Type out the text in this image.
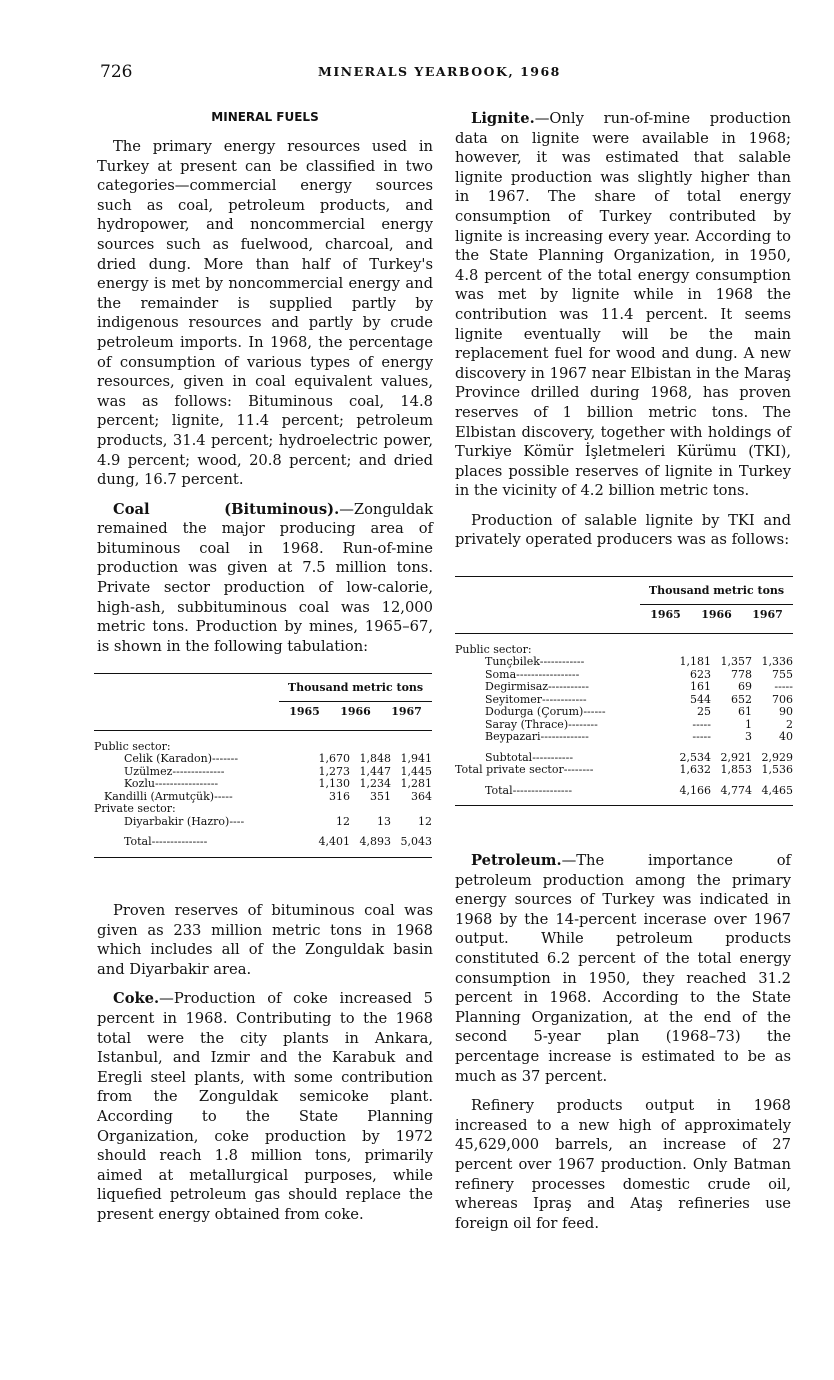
726	MINERALS YEARBOOK, 1968
MINERAL FUELS

The primary energy resources used in Turkey at present can be classified in two categories—commercial energy sources such as coal, petroleum products, and hydropower, and noncommercial energy sources such as fuelwood, charcoal, and dried dung. More than half of Turkey's energy is met by noncommercial energy and the remainder is supplied partly by indigenous resources and partly by crude petroleum imports. In 1968, the percentage of consumption of various types of energy resources, given in coal equivalent values, was as follows: Bituminous coal, 14.8 percent; lignite, 11.4 percent; petroleum products, 31.4 percent; hydroelectric power, 4.9 percent; wood, 20.8 percent; and dried dung, 16.7 percent.

Coal (Bituminous).—Zonguldak remained the major producing area of bituminous coal in 1968. Run-of-mine production was given at 7.5 million tons. Private sector production of low-calorie, high-ash, subbituminous coal was 12,000 metric tons. Production by mines, 1965–67, is shown in the following tabulation:

	Thousand metric tons		

	1965	1966	1967
Public sector:			
Celik (Karadon)-------	1,670	1,848	1,941
Uzülmez--------------	1,273	1,447	1,445
Kozlu-----------------	1,130	1,234	1,281
Kandilli (Armutçük)-----	316	351	364
Private sector:			
Diyarbakir (Hazro)----	12	13	12
Total---------------	4,401	4,893	5,043

Proven reserves of bituminous coal was given as 233 million metric tons in 1968 which includes all of the Zonguldak basin and Diyarbakir area.

Coke.—Production of coke increased 5 percent in 1968. Contributing to the 1968 total were the city plants in Ankara, Istanbul, and Izmir and the Karabuk and Eregli steel plants, with some contribution from the Zonguldak semicoke plant. According to the State Planning Organization, coke production by 1972 should reach 1.8 million tons, primarily aimed at metallurgical purposes, while liquefied petroleum gas should replace the present energy obtained from coke.

Lignite.—Only run-of-mine production data on lignite were available in 1968; however, it was estimated that salable lignite production was slightly higher than in 1967. The share of total energy consumption of Turkey contributed by lignite is increasing every year. According to the State Planning Organization, in 1950, 4.8 percent of the total energy consumption was met by lignite while in 1968 the contribution was 11.4 percent. It seems lignite eventually will be the main replacement fuel for wood and dung. A new discovery in 1967 near Elbistan in the Maraş Province drilled during 1968, has proven reserves of 1 billion metric tons. The Elbistan discovery, together with holdings of Turkiye Kömür İşletmeleri Kürümu (TKI), places possible reserves of lignite in Turkey in the vicinity of 4.2 billion metric tons.

Production of salable lignite by TKI and privately operated producers was as follows:

	Thousand metric tons		

	1965	1966	1967
Public sector:			
Tunçbilek------------	1,181	1,357	1,336
Soma-----------------	623	778	755
Degirmisaz-----------	161	69	-----
Seyitomer------------	544	652	706
Dodurga (Çorum)------	25	61	90
Saray (Thrace)--------	-----	1	2
Beypazari-------------	-----	3	40
Subtotal-----------	2,534	2,921	2,929
Total private sector--------	1,632	1,853	1,536
Total----------------	4,166	4,774	4,465

Petroleum.—The importance of petroleum production among the primary energy sources of Turkey was indicated in 1968 by the 14-percent incerase over 1967 output. While petroleum products constituted 6.2 percent of the total energy consumption in 1950, they reached 31.2 percent in 1968. According to the State Planning Organization, at the end of the second 5-year plan (1968–73) the percentage increase is estimated to be as much as 37 percent.

Refinery products output in 1968 increased to a new high of approximately 45,629,000 barrels, an increase of 27 percent over 1967 production. Only Batman refinery processes domestic crude oil, whereas Ipraş and Ataş refineries use foreign oil for feed.
